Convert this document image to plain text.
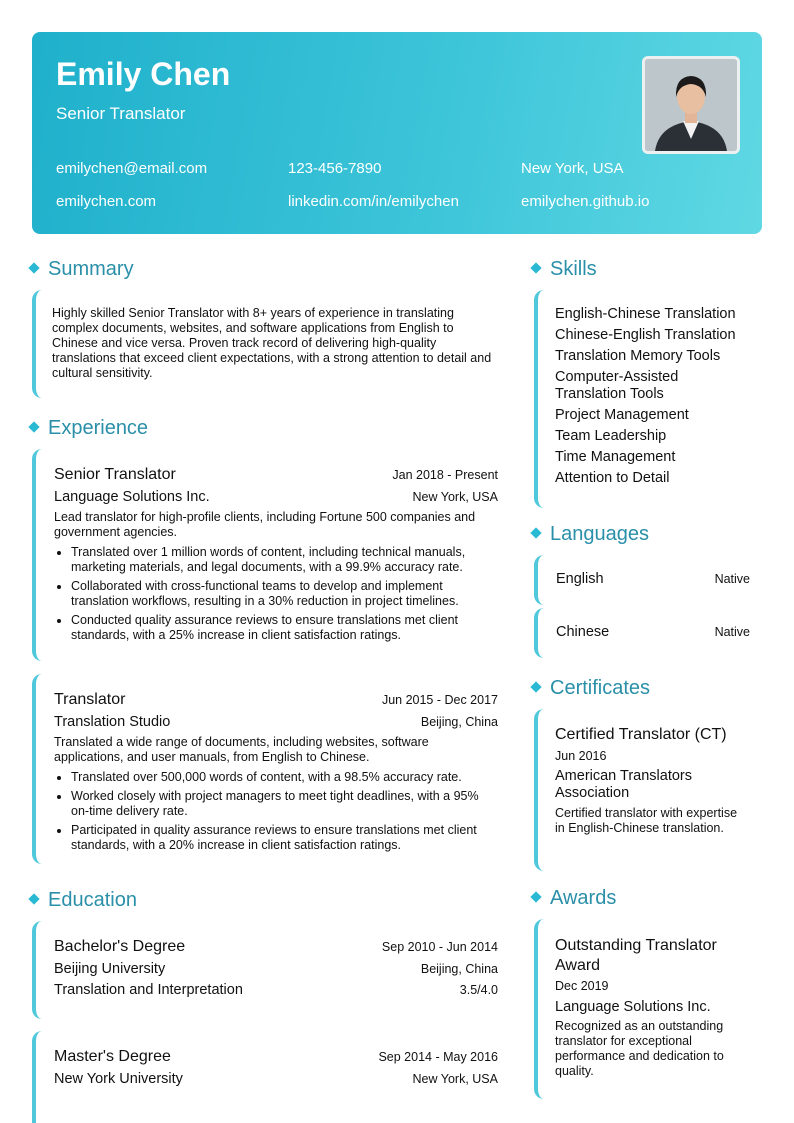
Emily Chen
Senior Translator
emilychen@email.com	123-456-7890	New York, USA
emilychen.com	linkedin.com/in/emilychen	emilychen.github.io
Summary
Highly skilled Senior Translator with 8+ years of experience in translating complex documents, websites, and software applications from English to Chinese and vice versa. Proven track record of delivering high-quality translations that exceed client expectations, with a strong attention to detail and cultural sensitivity.
Experience
Senior Translator	Jan 2018 - Present
Language Solutions Inc.	New York, USA
Lead translator for high-profile clients, including Fortune 500 companies and government agencies.
• Translated over 1 million words of content, including technical manuals, marketing materials, and legal documents, with a 99.9% accuracy rate.
• Collaborated with cross-functional teams to develop and implement translation workflows, resulting in a 30% reduction in project timelines.
• Conducted quality assurance reviews to ensure translations met client standards, with a 25% increase in client satisfaction ratings.
Translator	Jun 2015 - Dec 2017
Translation Studio	Beijing, China
Translated a wide range of documents, including websites, software applications, and user manuals, from English to Chinese.
• Translated over 500,000 words of content, with a 98.5% accuracy rate.
• Worked closely with project managers to meet tight deadlines, with a 95% on-time delivery rate.
• Participated in quality assurance reviews to ensure translations met client standards, with a 20% increase in client satisfaction ratings.
Education
Bachelor's Degree	Sep 2010 - Jun 2014
Beijing University	Beijing, China
Translation and Interpretation	3.5/4.0
Master's Degree	Sep 2014 - May 2016
New York University	New York, USA
Skills
English-Chinese Translation
Chinese-English Translation
Translation Memory Tools
Computer-Assisted Translation Tools
Project Management
Team Leadership
Time Management
Attention to Detail
Languages
English	Native
Chinese	Native
Certificates
Certified Translator (CT)
Jun 2016
American Translators Association
Certified translator with expertise in English-Chinese translation.
Awards
Outstanding Translator Award
Dec 2019
Language Solutions Inc.
Recognized as an outstanding translator for exceptional performance and dedication to quality.
